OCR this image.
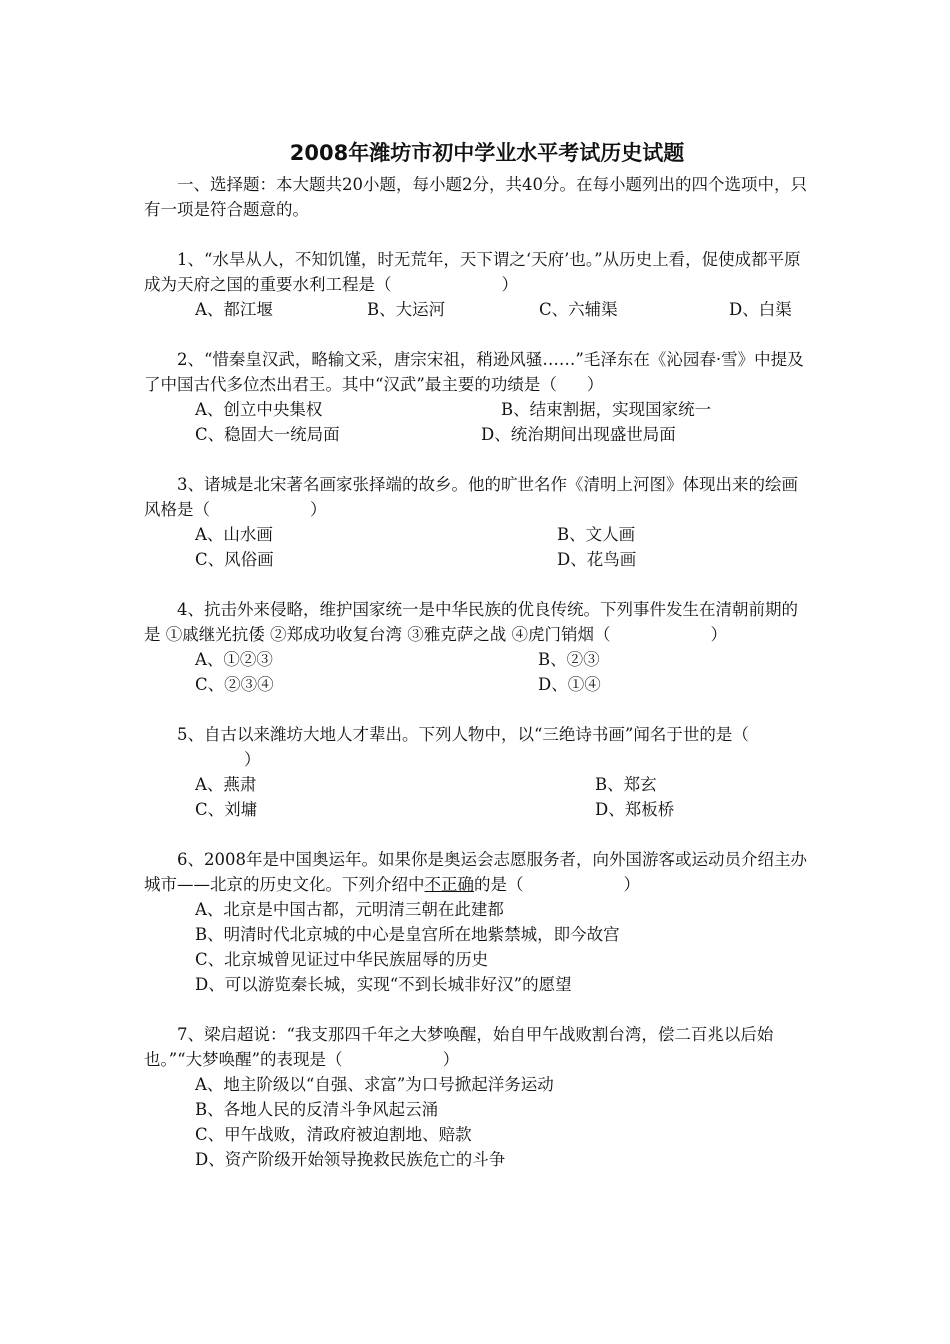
2008年潍坊市初中学业水平考试历史试题

一、选择题：本大题共20小题，每小题2分，共40分。在每小题列出的四个选项中，只有一项是符合题意的。

1、“水旱从人，不知饥馑，时无荒年，天下谓之‘天府’也。”从历史上看，促使成都平原成为天府之国的重要水利工程是（	）

A、都江堰	B、大运河	C、六辅渠	D、白渠

2、“惜秦皇汉武，略输文采，唐宗宋祖，稍逊风骚……”毛泽东在《沁园春·雪》中提及了中国古代多位杰出君王。其中“汉武”最主要的功绩是（ ）

A、创立中央集权	B、结束割据，实现国家统一
C、稳固大一统局面	D、统治期间出现盛世局面

3、诸城是北宋著名画家张择端的故乡。他的旷世名作《清明上河图》体现出来的绘画风格是（	）

A、山水画	B、文人画
C、风俗画	D、花鸟画

4、抗击外来侵略，维护国家统一是中华民族的优良传统。下列事件发生在清朝前期的是 ①戚继光抗倭 ②郑成功收复台湾 ③雅克萨之战 ④虎门销烟（	）

A、①②③	B、②③
C、②③④	D、①④

5、自古以来潍坊大地人才辈出。下列人物中，以“三绝诗书画”闻名于世的是（）

A、燕肃	B、郑玄
C、刘墉	D、郑板桥

6、2008年是中国奥运年。如果你是奥运会志愿服务者，向外国游客或运动员介绍主办城市——北京的历史文化。下列介绍中不正确的是（	）

A、北京是中国古都，元明清三朝在此建都
B、明清时代北京城的中心是皇宫所在地紫禁城，即今故宫
C、北京城曾见证过中华民族屈辱的历史
D、可以游览秦长城，实现“不到长城非好汉”的愿望

7、梁启超说：“我支那四千年之大梦唤醒，始自甲午战败割台湾，偿二百兆以后始也。”“大梦唤醒”的表现是（	）

A、地主阶级以“自强、求富”为口号掀起洋务运动
B、各地人民的反清斗争风起云涌
C、甲午战败，清政府被迫割地、赔款
D、资产阶级开始领导挽救民族危亡的斗争
